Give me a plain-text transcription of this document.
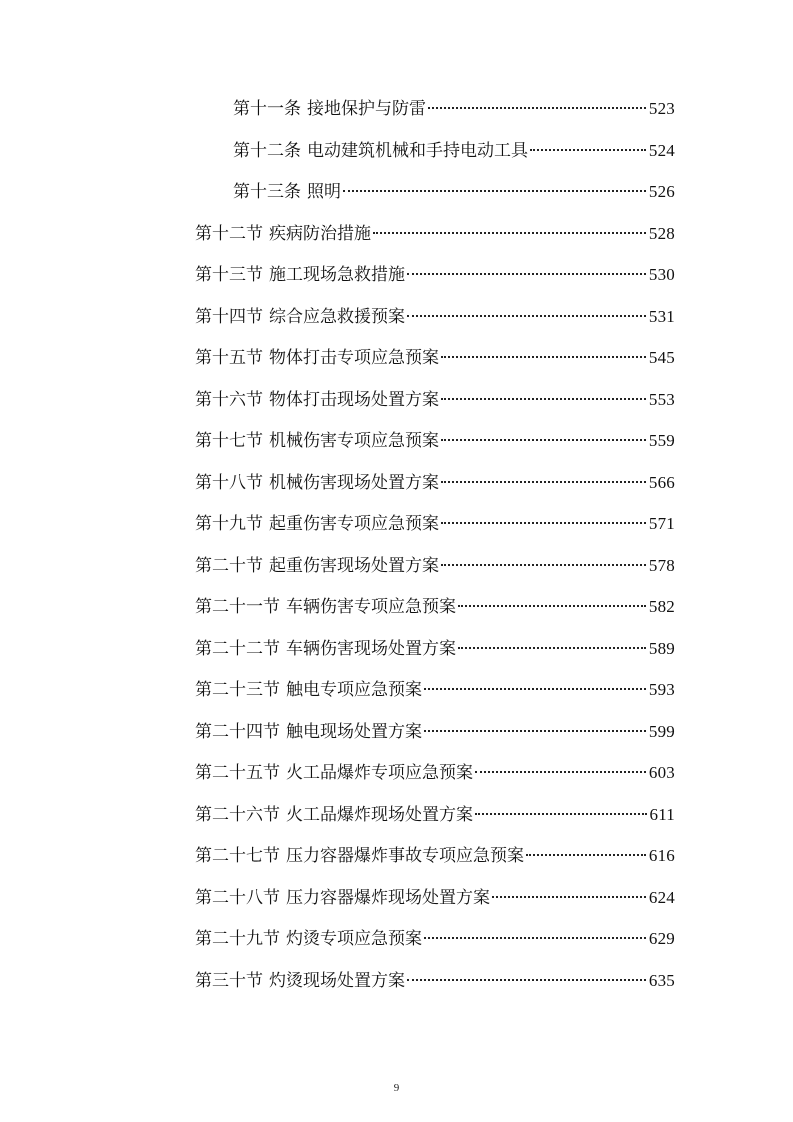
第十一条 接地保护与防雷	523
第十二条 电动建筑机械和手持电动工具	524
第十三条 照明	526
第十二节 疾病防治措施	528
第十三节 施工现场急救措施	530
第十四节 综合应急救援预案	531
第十五节 物体打击专项应急预案	545
第十六节 物体打击现场处置方案	553
第十七节 机械伤害专项应急预案	559
第十八节 机械伤害现场处置方案	566
第十九节 起重伤害专项应急预案	571
第二十节 起重伤害现场处置方案	578
第二十一节 车辆伤害专项应急预案	582
第二十二节 车辆伤害现场处置方案	589
第二十三节 触电专项应急预案	593
第二十四节 触电现场处置方案	599
第二十五节 火工品爆炸专项应急预案	603
第二十六节 火工品爆炸现场处置方案	611
第二十七节 压力容器爆炸事故专项应急预案	616
第二十八节 压力容器爆炸现场处置方案	624
第二十九节 灼烫专项应急预案	629
第三十节 灼烫现场处置方案	635
9
